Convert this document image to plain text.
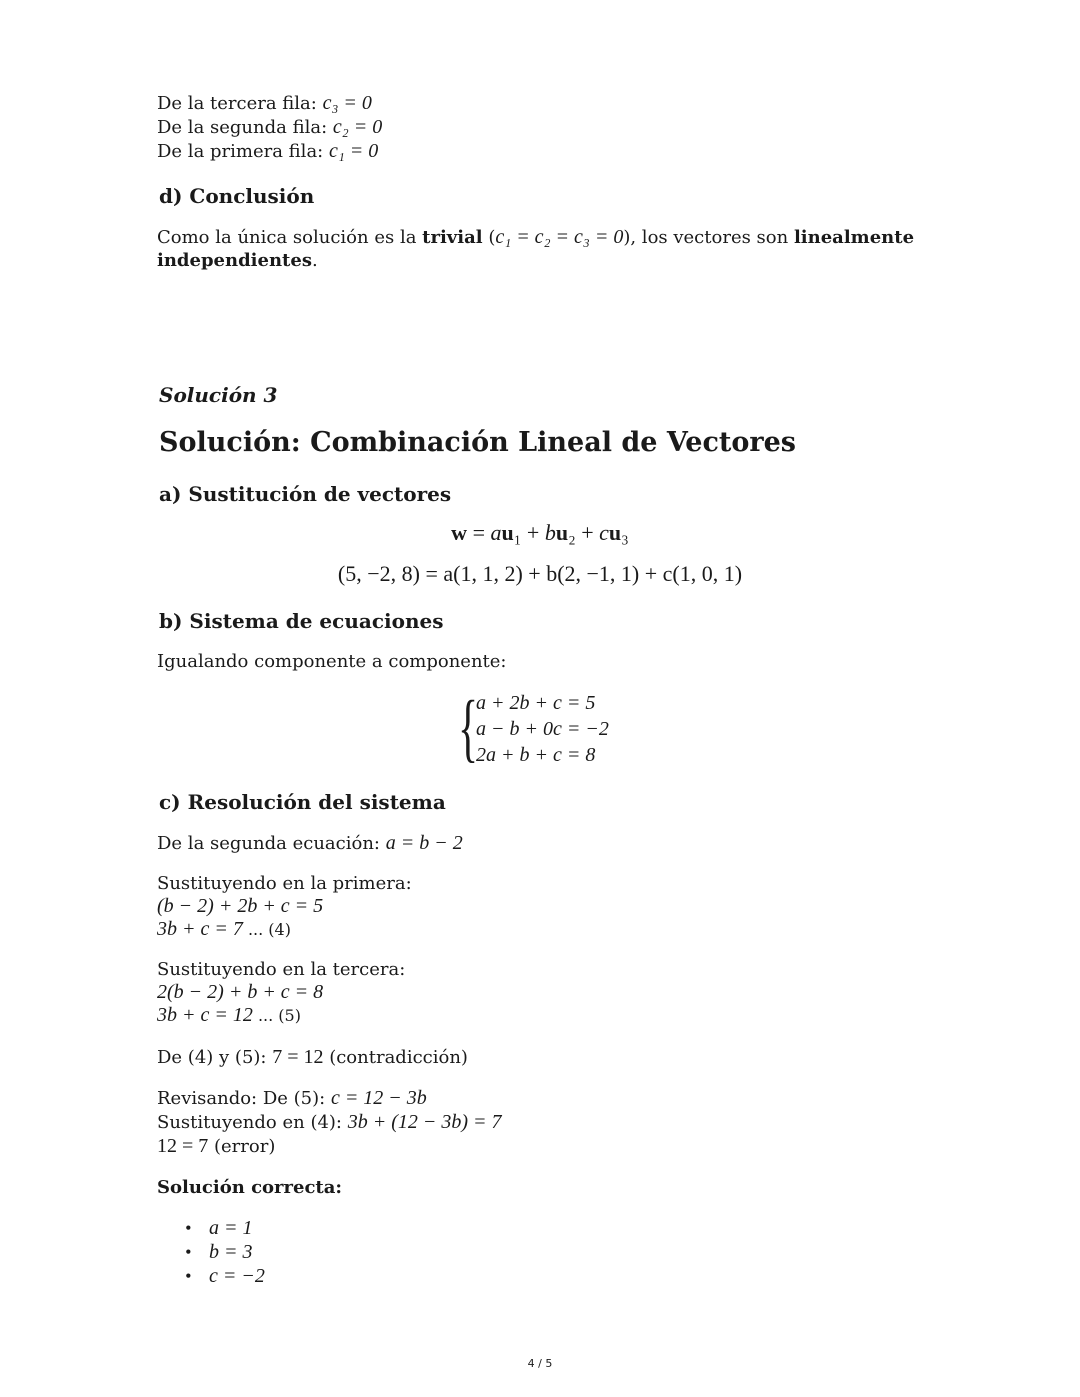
De la tercera fila: c₃ = 0
De la segunda fila: c₂ = 0
De la primera fila: c₁ = 0
d) Conclusión
Como la única solución es la trivial (c₁ = c₂ = c₃ = 0), los vectores son linealmente
independientes.
Solución 3
Solución: Combinación Lineal de Vectores
a) Sustitución de vectores
w = au₁ + bu₂ + cu₃
(5, −2, 8) = a(1, 1, 2) + b(2, −1, 1) + c(1, 0, 1)
b) Sistema de ecuaciones
Igualando componente a componente:
{
a + 2b + c = 5
a − b + 0c = −2
2a + b + c = 8
c) Resolución del sistema
De la segunda ecuación: a = b − 2
Sustituyendo en la primera:
(b − 2) + 2b + c = 5
3b + c = 7 ... (4)
Sustituyendo en la tercera:
2(b − 2) + b + c = 8
3b + c = 12 ... (5)
De (4) y (5): 7 = 12 (contradicción)
Revisando: De (5): c = 12 − 3b
Sustituyendo en (4): 3b + (12 − 3b) = 7
12 = 7 (error)
Solución correcta:
• a = 1
• b = 3
• c = −2
4 / 5
